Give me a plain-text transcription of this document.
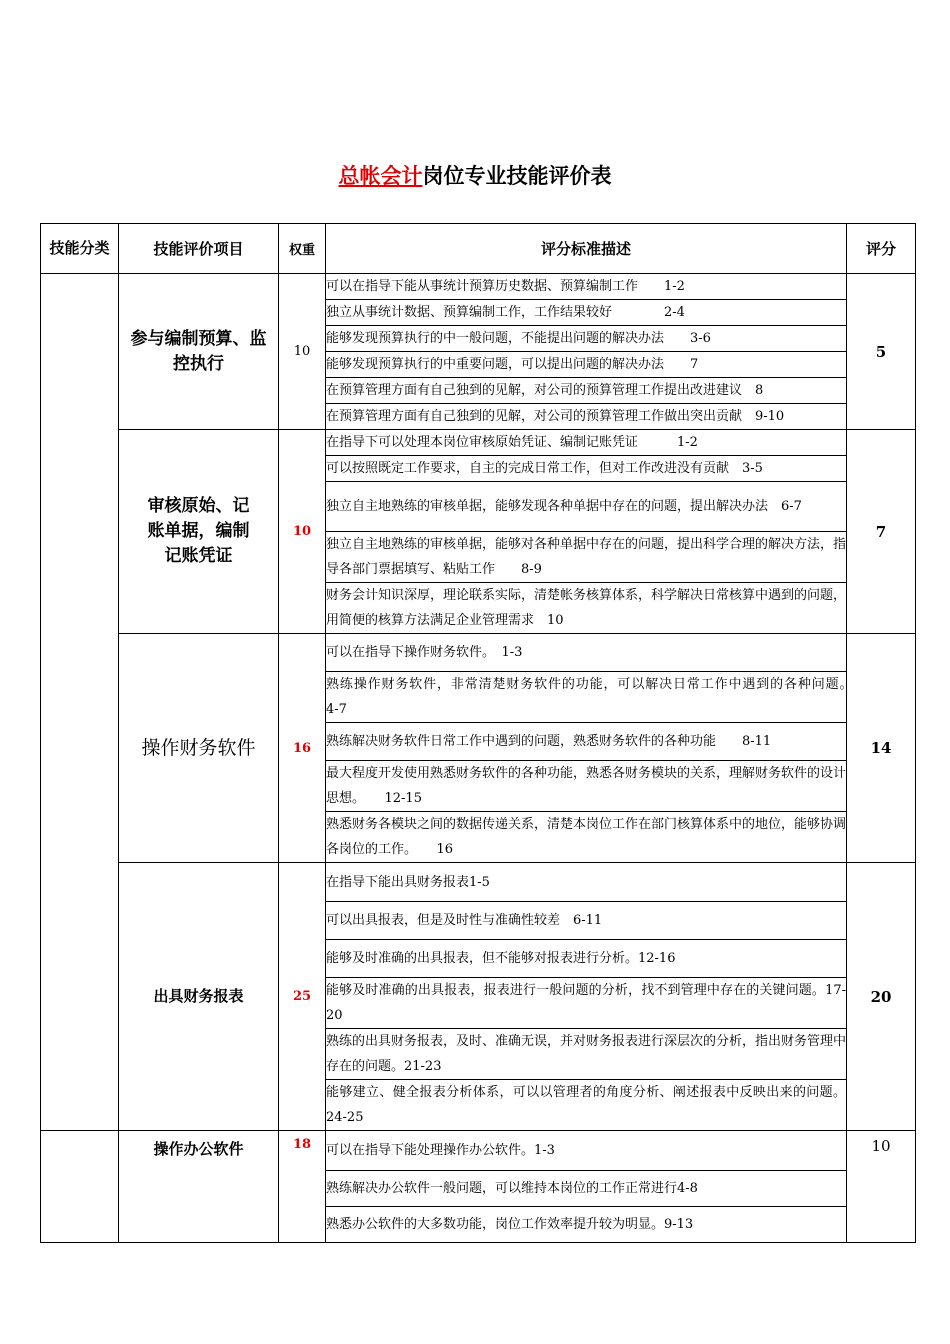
总帐会计岗位专业技能评价表
技能分类	技能评价项目	权重	评分标准描述	评分
	参与编制预算、监控执行	10	可以在指导下能从事统计预算历史数据、预算编制工作　　1-2	5
			独立从事统计数据、预算编制工作，工作结果较好　　　　2-4	
			能够发现预算执行的中一般问题，不能提出问题的解决办法　　3-6	
			能够发现预算执行的中重要问题，可以提出问题的解决办法　　7	
			在预算管理方面有自己独到的见解，对公司的预算管理工作提出改进建议　8	
			在预算管理方面有自己独到的见解，对公司的预算管理工作做出突出贡献　9-10	
	审核原始、记账单据，编制记账凭证	10	在指导下可以处理本岗位审核原始凭证、编制记账凭证　　　1-2	7
			可以按照既定工作要求，自主的完成日常工作，但对工作改进没有贡献　3-5	
			独立自主地熟练的审核单据，能够发现各种单据中存在的问题，提出解决办法　6-7	
			独立自主地熟练的审核单据，能够对各种单据中存在的问题，提出科学合理的解决方法，指导各部门票据填写、粘贴工作　　8-9	
			财务会计知识深厚，理论联系实际，清楚帐务核算体系，科学解决日常核算中遇到的问题，用简便的核算方法满足企业管理需求　10	
	操作财务软件	16	可以在指导下操作财务软件。　1-3	14
			熟练操作财务软件，非常清楚财务软件的功能，可以解决日常工作中遇到的各种问题。　　4-7	
			熟练解决财务软件日常工作中遇到的问题，熟悉财务软件的各种功能　　8-11	
			最大程度开发使用熟悉财务软件的各种功能，熟悉各财务模块的关系，理解财务软件的设计思想。　　12-15	
			熟悉财务各模块之间的数据传递关系，清楚本岗位工作在部门核算体系中的地位，能够协调各岗位的工作。　　16	
	出具财务报表	25	在指导下能出具财务报表1-5	20
			可以出具报表，但是及时性与准确性较差　6-11	
			能够及时准确的出具报表，但不能够对报表进行分析。12-16	
			能够及时准确的出具报表，报表进行一般问题的分析，找不到管理中存在的关键问题。17-20	
			熟练的出具财务报表，及时、准确无误，并对财务报表进行深层次的分析，指出财务管理中存在的问题。21-23	
			能够建立、健全报表分析体系，可以以管理者的角度分析、阐述报表中反映出来的问题。24-25	
	操作办公软件	18	可以在指导下能处理操作办公软件。1-3	10
			熟练解决办公软件一般问题，可以维持本岗位的工作正常进行4-8	
			熟悉办公软件的大多数功能，岗位工作效率提升较为明显。9-13	
